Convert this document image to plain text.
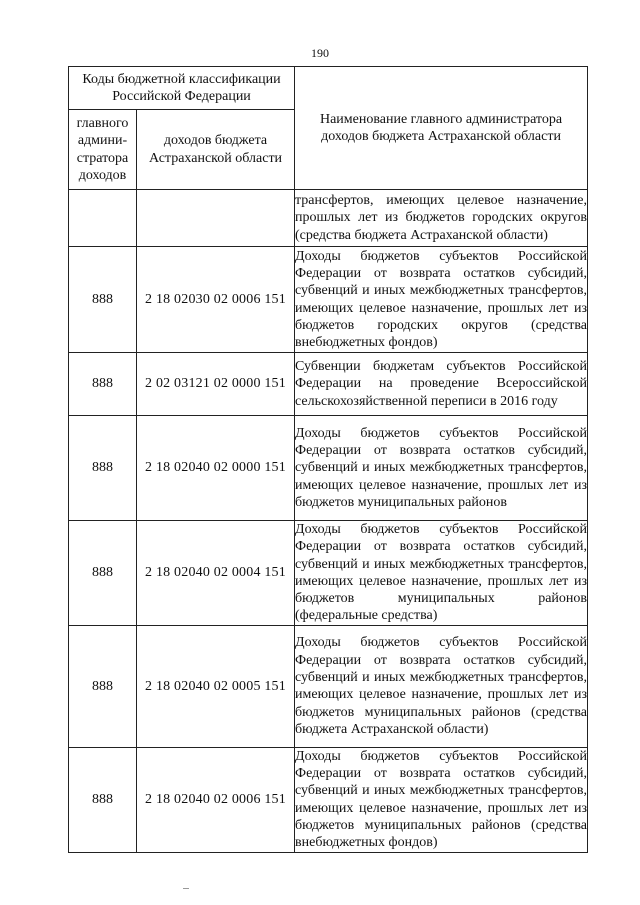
190
Коды бюджетной классификации Российской Федерации		Наименование главного администратора доходов бюджета Астраханской области
главного админи-стратора доходов	доходов бюджета Астраханской области	

		трансфертов, имеющих целевое назначение, прошлых лет из бюджетов городских округов (средства бюджета Астраханской области)

888	2 18 02030 02 0006 151	Доходы бюджетов субъектов Российской Федерации от возврата остатков субсидий, субвенций и иных межбюджетных трансфертов, имеющих целевое назначение, прошлых лет из бюджетов городских округов (средства внебюджетных фондов)

888	2 02 03121 02 0000 151	Субвенции бюджетам субъектов Российской Федерации на проведение Всероссийской сельскохозяйственной переписи в 2016 году

888	2 18 02040 02 0000 151	Доходы бюджетов субъектов Российской Федерации от возврата остатков субсидий, субвенций и иных межбюджетных трансфертов, имеющих целевое назначение, прошлых лет из бюджетов муниципальных районов

888	2 18 02040 02 0004 151	Доходы бюджетов субъектов Российской Федерации от возврата остатков субсидий, субвенций и иных межбюджетных трансфертов, имеющих целевое назначение, прошлых лет из бюджетов муниципальных районов (федеральные средства)

888	2 18 02040 02 0005 151	Доходы бюджетов субъектов Российской Федерации от возврата остатков субсидий, субвенций и иных межбюджетных трансфертов, имеющих целевое назначение, прошлых лет из бюджетов муниципальных районов (средства бюджета Астраханской области)

888	2 18 02040 02 0006 151	Доходы бюджетов субъектов Российской Федерации от возврата остатков субсидий, субвенций и иных межбюджетных трансфертов, имеющих целевое назначение, прошлых лет из бюджетов муниципальных районов (средства внебюджетных фондов)
